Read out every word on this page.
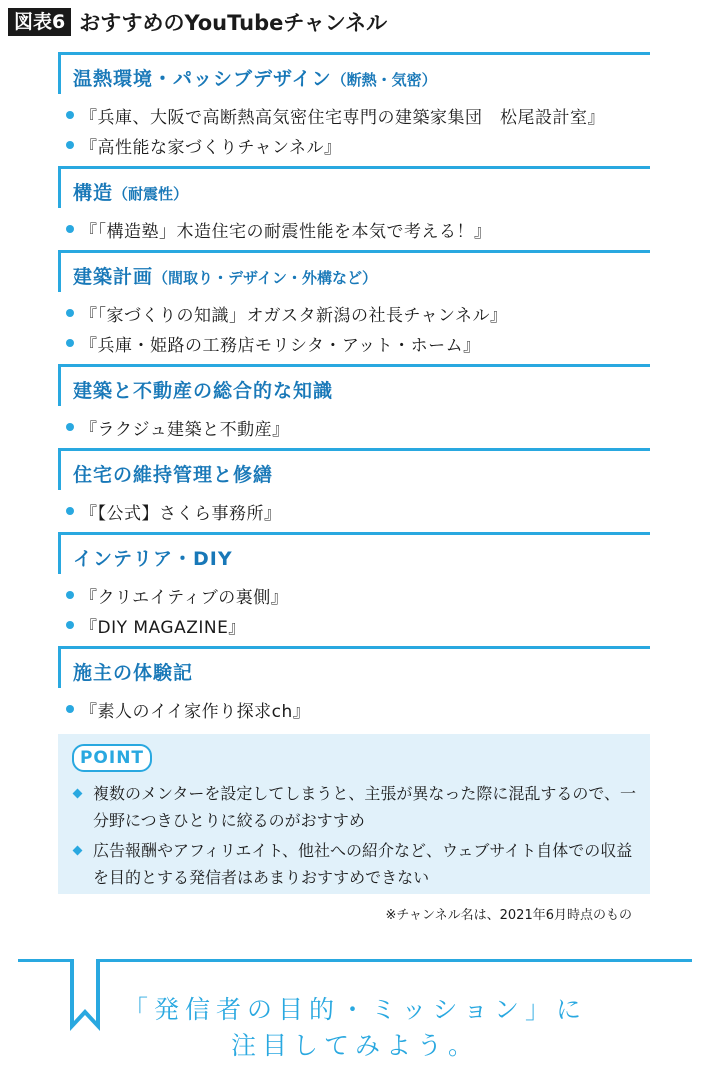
図表6 おすすめのYouTubeチャンネル
温熱環境・パッシブデザイン（断熱・気密）
『兵庫、大阪で高断熱高気密住宅専門の建築家集団　松尾設計室』
『高性能な家づくりチャンネル』
構造（耐震性）
『「構造塾」木造住宅の耐震性能を本気で考える！』
建築計画（間取り・デザイン・外構など）
『「家づくりの知識」オガスタ新潟の社長チャンネル』
『兵庫・姫路の工務店モリシタ・アット・ホーム』
建築と不動産の総合的な知識
『ラクジュ建築と不動産』
住宅の維持管理と修繕
『【公式】さくら事務所』
インテリア・DIY
『クリエイティブの裏側』
『DIY MAGAZINE』
施主の体験記
『素人のイイ家作り探求ch』
POINT
複数のメンターを設定してしまうと、主張が異なった際に混乱するので、一分野につきひとりに絞るのがおすすめ
広告報酬やアフィリエイト、他社への紹介など、ウェブサイト自体での収益を目的とする発信者はあまりおすすめできない
※チャンネル名は、2021年6月時点のもの
「発信者の目的・ミッション」に
注目してみよう。
